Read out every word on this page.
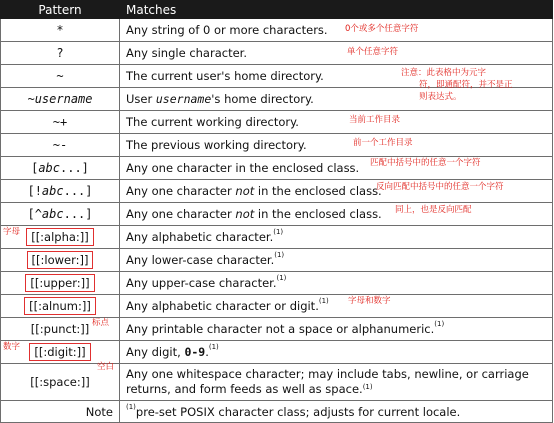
Pattern	Matches
*	Any string of 0 or more characters.
?	Any single character.
~	The current user's home directory.
~username	User username's home directory.
~+	The current working directory.
~-	The previous working directory.
[abc...]	Any one character in the enclosed class.
[!abc...]	Any one character not in the enclosed class.
[^abc...]	Any one character not in the enclosed class.
[[:alpha:]]	Any alphabetic character.$^{(1)}$
[[:lower:]]	Any lower-case character.$^{(1)}$
[[:upper:]]	Any upper-case character.$^{(1)}$
[[:alnum:]]	Any alphabetic character or digit.$^{(1)}$
[[:punct:]]	Any printable character not a space or alphanumeric.$^{(1)}$
[[:digit:]]	Any digit, 0-9.$^{(1)}$
[[:space:]]	Any one whitespace character; may include tabs, newline, or carriage
returns, and form feeds as well as space.$^{(1)}$
Note	$^{(1)}$pre-set POSIX character class; adjusts for current locale.
0个或多个任意字符
单个任意字符
注意：此表格中为元字
符，即通配符，并不是正
则表达式。
当前工作目录
前一个工作目录
匹配中括号中的任意一个字符
反向匹配中括号中的任意一个字符
同上，也是反向匹配
字母
字母和数字
标点
数字
空白
